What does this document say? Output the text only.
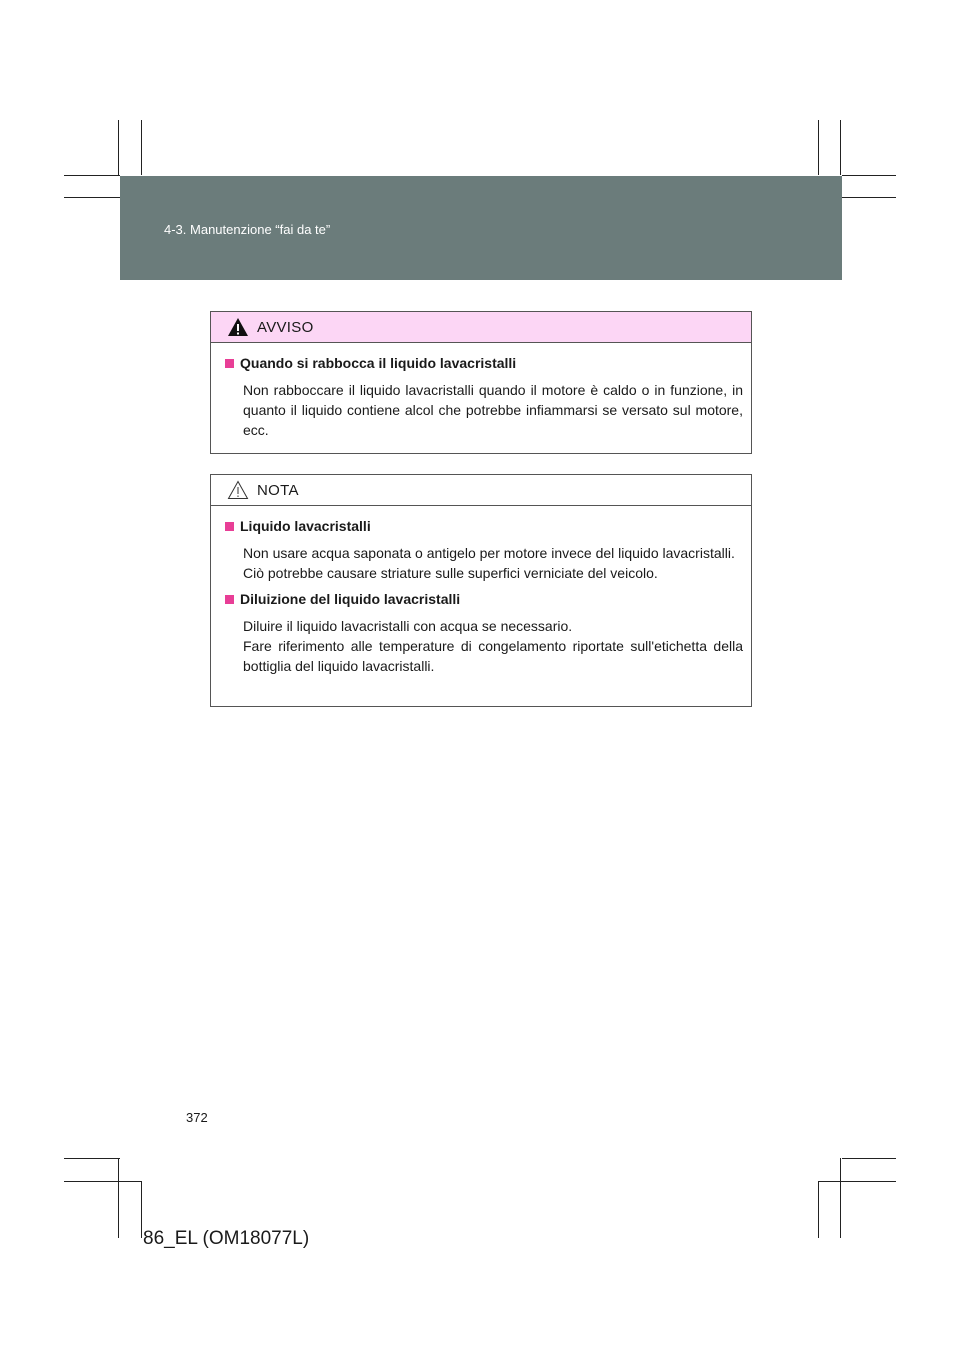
4-3. Manutenzione “fai da te”
AVVISO
Quando si rabbocca il liquido lavacristalli

Non rabboccare il liquido lavacristalli quando il motore è caldo o in funzione, in quanto il liquido contiene alcol che potrebbe infiammarsi se versato sul motore, ecc.

NOTA
Liquido lavacristalli

Non usare acqua saponata o antigelo per motore invece del liquido lavacristalli.

Ciò potrebbe causare striature sulle superfici verniciate del veicolo.

Diluizione del liquido lavacristalli

Diluire il liquido lavacristalli con acqua se necessario.

Fare riferimento alle temperature di congelamento riportate sull'etichetta della bottiglia del liquido lavacristalli.

372
86_EL (OM18077L)
